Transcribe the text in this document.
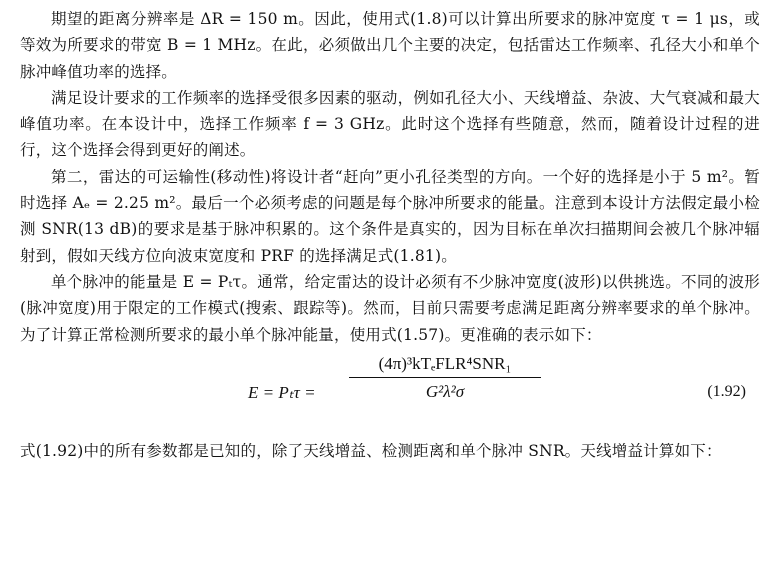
期望的距离分辨率是 ΔR = 150 m。因此，使用式(1.8)可以计算出所要求的脉冲宽度 τ = 1 μs，或等效为所要求的带宽 B = 1 MHz。在此，必须做出几个主要的决定，包括雷达工作频率、孔径大小和单个脉冲峰值功率的选择。

满足设计要求的工作频率的选择受很多因素的驱动，例如孔径大小、天线增益、杂波、大气衰减和最大峰值功率。在本设计中，选择工作频率 f = 3 GHz。此时这个选择有些随意，然而，随着设计过程的进行，这个选择会得到更好的阐述。

第二，雷达的可运输性(移动性)将设计者“赶向”更小孔径类型的方向。一个好的选择是小于 5 m²。暂时选择 Aₑ = 2.25 m²。最后一个必须考虑的问题是每个脉冲所要求的能量。注意到本设计方法假定最小检测 SNR(13 dB)的要求是基于脉冲积累的。这个条件是真实的，因为目标在单次扫描期间会被几个脉冲辐射到，假如天线方位向波束宽度和 PRF 的选择满足式(1.81)。

单个脉冲的能量是 E = Pₜτ。通常，给定雷达的设计必须有不少脉冲宽度(波形)以供挑选。不同的波形(脉冲宽度)用于限定的工作模式(搜索、跟踪等)。然而，目前只需要考虑满足距离分辨率要求的单个脉冲。为了计算正常检测所要求的最小单个脉冲能量，使用式(1.57)。更准确的表示如下：

E = Pₜτ =
(4π)³kTₑFLR⁴SNR₁
G²λ²σ	(1.92)

式(1.92)中的所有参数都是已知的，除了天线增益、检测距离和单个脉冲 SNR。天线增益计算如下：
